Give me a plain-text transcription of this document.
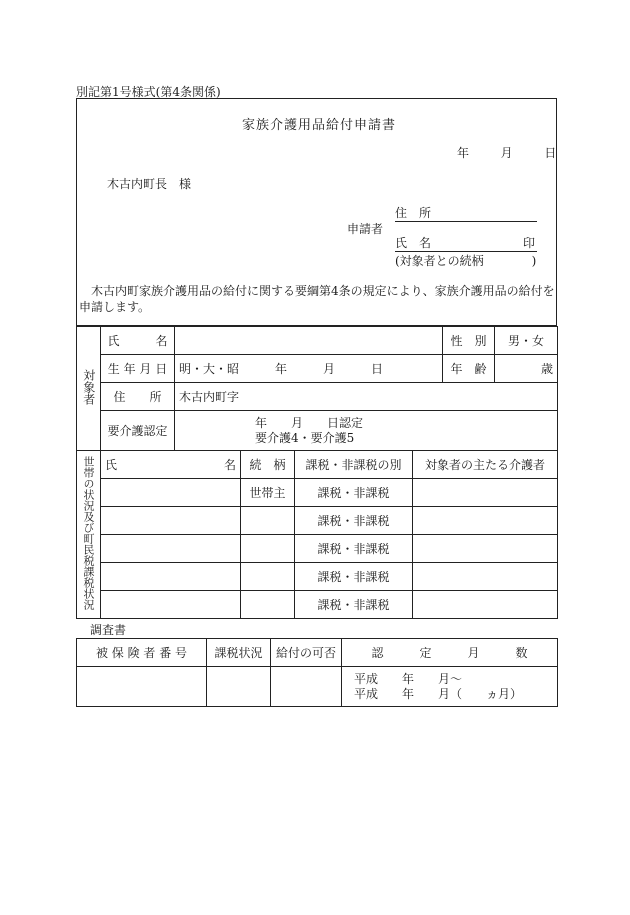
別記第1号様式(第4条関係)
家族介護用品給付申請書
年	月	日
木古内町長　様
申請者
住　所
氏　名	印
(対象者との続柄　　　　)
木古内町家族介護用品の給付に関する要綱第4条の規定により、家族介護用品の給付を
申請します。
対象者	氏　　　名		性　別	男・女
	生 年 月 日	明・大・昭　　　年　　　月　　　日	年　齢	歳
	住　　所	木古内町字		
	要介護認定	年　　月　　日認定
要介護4・要介護5		
世帯の状況及び町民税課税状況	氏 名	続　柄	課税・非課税の別	対象者の主たる介護者
		世帯主	課税・非課税	
			課税・非課税	
			課税・非課税	
			課税・非課税	
			課税・非課税	
調査書
被 保 険 者 番 号	課税状況	給付の可否	認　　　定　　　月　　　数

			平成　　年　　月〜
平成　　年　　月（　　ヵ月）
